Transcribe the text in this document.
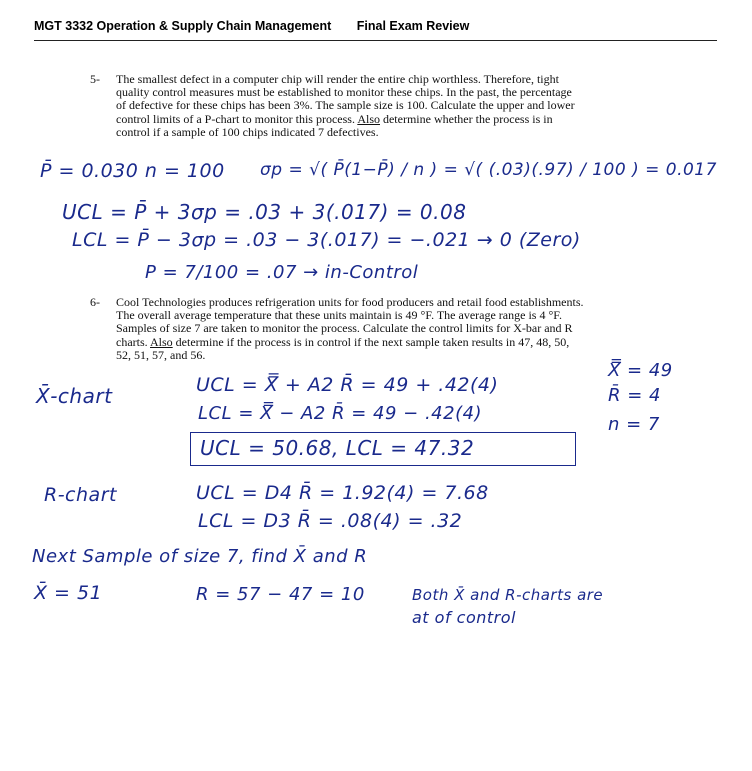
MGT 3332 Operation & Supply Chain Management Final Exam Review
5- The smallest defect in a computer chip will render the entire chip worthless. Therefore, tight
quality control measures must be established to monitor these chips. In the past, the percentage
of defective for these chips has been 3%. The sample size is 100. Calculate the upper and lower
control limits of a P-chart to monitor this process. Also determine whether the process is in
control if a sample of 100 chips indicated 7 defectives.
P̄ = 0.030 n = 100 σp = √( P̄(1−P̄) / n ) = √( (.03)(.97) / 100 ) = 0.017
UCL = P̄ + 3σp = .03 + 3(.017) = 0.08
LCL = P̄ − 3σp = .03 − 3(.017) = −.021 → 0 (Zero)
P = 7/100 = .07 → in-Control
6- Cool Technologies produces refrigeration units for food producers and retail food establishments.
The overall average temperature that these units maintain is 49 °F. The average range is 4 °F.
Samples of size 7 are taken to monitor the process. Calculate the control limits for X-bar and R
charts. Also determine if the process is in control if the next sample taken results in 47, 48, 50,
52, 51, 57, and 56.
X̄-chart	UCL = X̿ + A2 R̄ = 49 + .42(4)
LCL = X̿ − A2 R̄ = 49 − .42(4)
UCL = 50.68, LCL = 47.32
X̿ = 49
R̄ = 4
n = 7
R-chart	UCL = D4 R̄ = 1.92(4) = 7.68
LCL = D3 R̄ = .08(4) = .32
Next Sample of size 7, find X̄ and R
X̄ = 51	R = 57 − 47 = 10	Both X̄ and R-charts are
at of control
